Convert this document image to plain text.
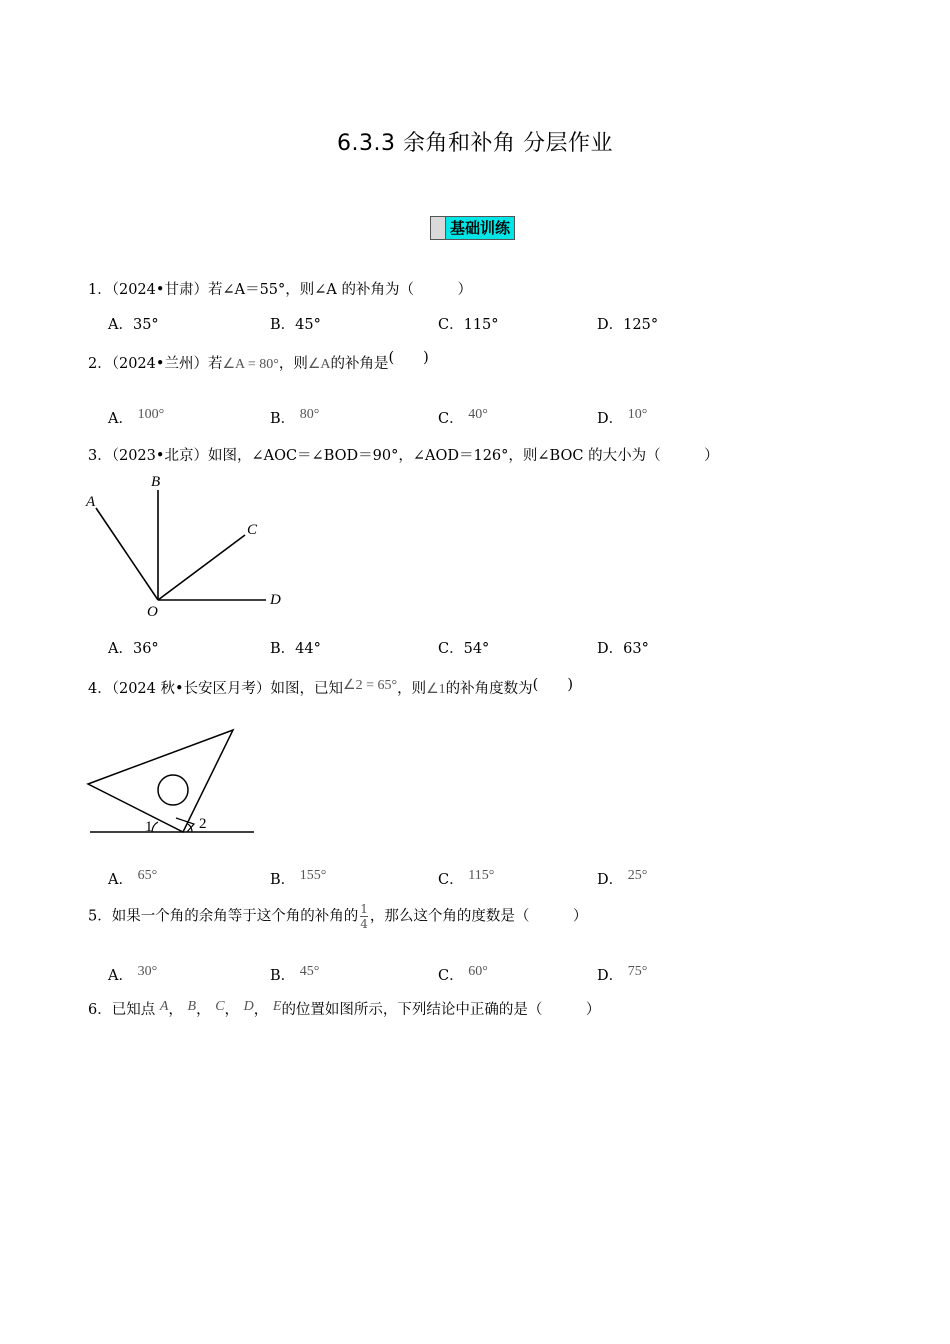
6.3.3 余角和补角 分层作业
基础训练
1．（2024•甘肃）若∠A＝55°，则∠A 的补角为（　　　）
A．35°	B．45°	C．115°	D．125°
2．（2024•兰州）若∠A = 80°，则∠A的补角是(　　)
A． 100°	B． 80°	C． 40°	D． 10°
3．（2023•北京）如图，∠AOC＝∠BOD＝90°，∠AOD＝126°，则∠BOC 的大小为（　　　）
A
B
C
D
O
A．36°	B．44°	C．54°	D．63°
4．（2024 秋•长安区月考）如图，已知∠2 = 65°，则∠1的补角度数为(　　)
1	2
A． 65°	B． 155°	C． 115°	D． 25°
5．如果一个角的余角等于这个角的补角的 $\frac{1}{4}$ ，那么这个角的度数是（　　　）
A． 30°	B． 45°	C． 60°	D． 75°
6．已知点 A， B， C， D， E的位置如图所示，下列结论中正确的是（　　　）
